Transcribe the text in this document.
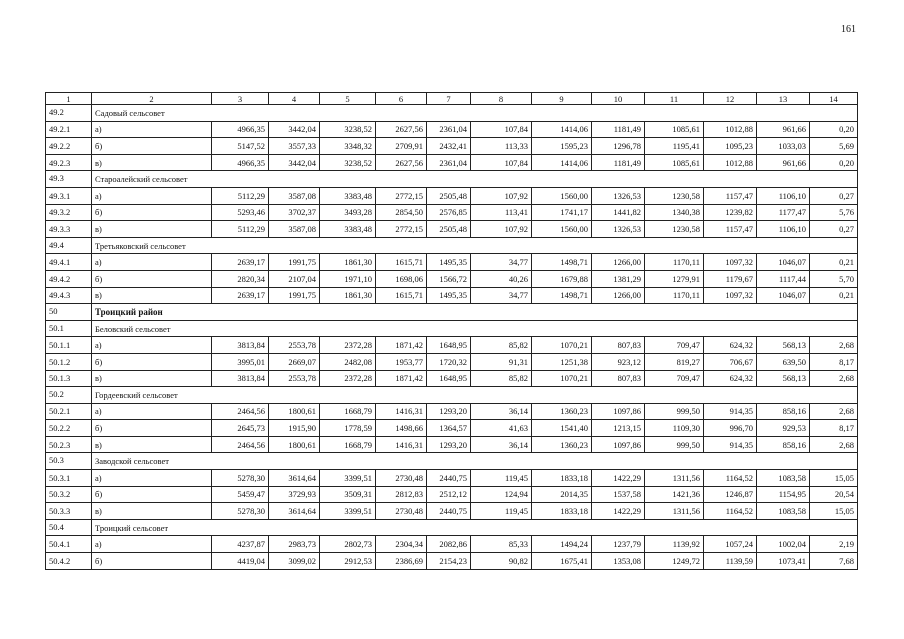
161
1	2	3	4	5	6	7	8	9	10	11	12	13	14
49.2	Садовый сельсовет												
49.2.1	а)	4966,35	3442,04	3238,52	2627,56	2361,04	107,84	1414,06	1181,49	1085,61	1012,88	961,66	0,20
49.2.2	б)	5147,52	3557,33	3348,32	2709,91	2432,41	113,33	1595,23	1296,78	1195,41	1095,23	1033,03	5,69
49.2.3	в)	4966,35	3442,04	3238,52	2627,56	2361,04	107,84	1414,06	1181,49	1085,61	1012,88	961,66	0,20
49.3	Староалейский сельсовет												
49.3.1	а)	5112,29	3587,08	3383,48	2772,15	2505,48	107,92	1560,00	1326,53	1230,58	1157,47	1106,10	0,27
49.3.2	б)	5293,46	3702,37	3493,28	2854,50	2576,85	113,41	1741,17	1441,82	1340,38	1239,82	1177,47	5,76
49.3.3	в)	5112,29	3587,08	3383,48	2772,15	2505,48	107,92	1560,00	1326,53	1230,58	1157,47	1106,10	0,27
49.4	Третьяковский сельсовет												
49.4.1	а)	2639,17	1991,75	1861,30	1615,71	1495,35	34,77	1498,71	1266,00	1170,11	1097,32	1046,07	0,21
49.4.2	б)	2820,34	2107,04	1971,10	1698,06	1566,72	40,26	1679,88	1381,29	1279,91	1179,67	1117,44	5,70
49.4.3	в)	2639,17	1991,75	1861,30	1615,71	1495,35	34,77	1498,71	1266,00	1170,11	1097,32	1046,07	0,21
50	Троицкий район												
50.1	Беловский сельсовет												
50.1.1	а)	3813,84	2553,78	2372,28	1871,42	1648,95	85,82	1070,21	807,83	709,47	624,32	568,13	2,68
50.1.2	б)	3995,01	2669,07	2482,08	1953,77	1720,32	91,31	1251,38	923,12	819,27	706,67	639,50	8,17
50.1.3	в)	3813,84	2553,78	2372,28	1871,42	1648,95	85,82	1070,21	807,83	709,47	624,32	568,13	2,68
50.2	Гордеевский сельсовет												
50.2.1	а)	2464,56	1800,61	1668,79	1416,31	1293,20	36,14	1360,23	1097,86	999,50	914,35	858,16	2,68
50.2.2	б)	2645,73	1915,90	1778,59	1498,66	1364,57	41,63	1541,40	1213,15	1109,30	996,70	929,53	8,17
50.2.3	в)	2464,56	1800,61	1668,79	1416,31	1293,20	36,14	1360,23	1097,86	999,50	914,35	858,16	2,68
50.3	Заводской сельсовет												
50.3.1	а)	5278,30	3614,64	3399,51	2730,48	2440,75	119,45	1833,18	1422,29	1311,56	1164,52	1083,58	15,05
50.3.2	б)	5459,47	3729,93	3509,31	2812,83	2512,12	124,94	2014,35	1537,58	1421,36	1246,87	1154,95	20,54
50.3.3	в)	5278,30	3614,64	3399,51	2730,48	2440,75	119,45	1833,18	1422,29	1311,56	1164,52	1083,58	15,05
50.4	Троицкий сельсовет												
50.4.1	а)	4237,87	2983,73	2802,73	2304,34	2082,86	85,33	1494,24	1237,79	1139,92	1057,24	1002,04	2,19
50.4.2	б)	4419,04	3099,02	2912,53	2386,69	2154,23	90,82	1675,41	1353,08	1249,72	1139,59	1073,41	7,68
